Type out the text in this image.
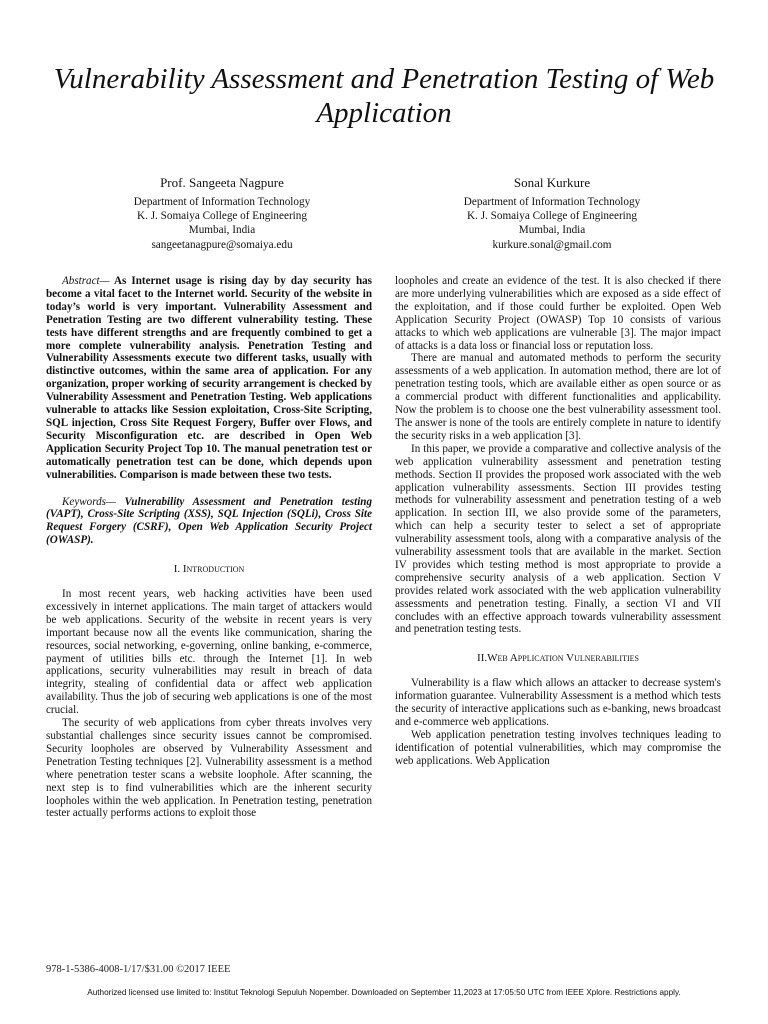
Vulnerability Assessment and Penetration Testing of Web Application
Prof. Sangeeta Nagpure
Department of Information Technology
K. J. Somaiya College of Engineering
Mumbai, India
sangeetanagpure@somaiya.edu
Sonal Kurkure
Department of Information Technology
K. J. Somaiya College of Engineering
Mumbai, India
kurkure.sonal@gmail.com

Abstract— As Internet usage is rising day by day security has become a vital facet to the Internet world. Security of the website in today’s world is very important. Vulnerability Assessment and Penetration Testing are two different vulnerability testing. These tests have different strengths and are frequently combined to get a more complete vulnerability analysis. Penetration Testing and Vulnerability Assessments execute two different tasks, usually with distinctive outcomes, within the same area of application. For any organization, proper working of security arrangement is checked by Vulnerability Assessment and Penetration Testing. Web applications vulnerable to attacks like Session exploitation, Cross-Site Scripting, SQL injection, Cross Site Request Forgery, Buffer over Flows, and Security Misconfiguration etc. are described in Open Web Application Security Project Top 10. The manual penetration test or automatically penetration test can be done, which depends upon vulnerabilities. Comparison is made between these two tests.

Keywords— Vulnerability Assessment and Penetration testing (VAPT), Cross-Site Scripting (XSS), SQL Injection (SQLi), Cross Site Request Forgery (CSRF), Open Web Application Security Project (OWASP).

I. Introduction

In most recent years, web hacking activities have been used excessively in internet applications. The main target of attackers would be web applications. Security of the website in recent years is very important because now all the events like communication, sharing the resources, social networking, e-governing, online banking, e-commerce, payment of utilities bills etc. through the Internet [1]. In web applications, security vulnerabilities may result in breach of data integrity, stealing of confidential data or affect web application availability. Thus the job of securing web applications is one of the most crucial.

The security of web applications from cyber threats involves very substantial challenges since security issues cannot be compromised. Security loopholes are observed by Vulnerability Assessment and Penetration Testing techniques [2]. Vulnerability assessment is a method where penetration tester scans a website loophole. After scanning, the next step is to find vulnerabilities which are the inherent security loopholes within the web application. In Penetration testing, penetration tester actually performs actions to exploit those

loopholes and create an evidence of the test. It is also checked if there are more underlying vulnerabilities which are exposed as a side effect of the exploitation, and if those could further be exploited. Open Web Application Security Project (OWASP) Top 10 consists of various attacks to which web applications are vulnerable [3]. The major impact of attacks is a data loss or financial loss or reputation loss.

There are manual and automated methods to perform the security assessments of a web application. In automation method, there are lot of penetration testing tools, which are available either as open source or as a commercial product with different functionalities and applicability. Now the problem is to choose one the best vulnerability assessment tool. The answer is none of the tools are entirely complete in nature to identify the security risks in a web application [3].

In this paper, we provide a comparative and collective analysis of the web application vulnerability assessment and penetration testing methods. Section II provides the proposed work associated with the web application vulnerability assessments. Section III provides testing methods for vulnerability assessment and penetration testing of a web application. In section III, we also provide some of the parameters, which can help a security tester to select a set of appropriate vulnerability assessment tools, along with a comparative analysis of the vulnerability assessment tools that are available in the market. Section IV provides which testing method is most appropriate to provide a comprehensive security analysis of a web application. Section V provides related work associated with the web application vulnerability assessments and penetration testing. Finally, a section VI and VII concludes with an effective approach towards vulnerability assessment and penetration testing tests.

II.Web Application Vulnerabilities

Vulnerability is a flaw which allows an attacker to decrease system's information guarantee. Vulnerability Assessment is a method which tests the security of interactive applications such as e-banking, news broadcast and e-commerce web applications.

Web application penetration testing involves techniques leading to identification of potential vulnerabilities, which may compromise the web applications. Web Application

978-1-5386-4008-1/17/$31.00 ©2017 IEEE
Authorized licensed use limited to: Institut Teknologi Sepuluh Nopember. Downloaded on September 11,2023 at 17:05:50 UTC from IEEE Xplore. Restrictions apply.
